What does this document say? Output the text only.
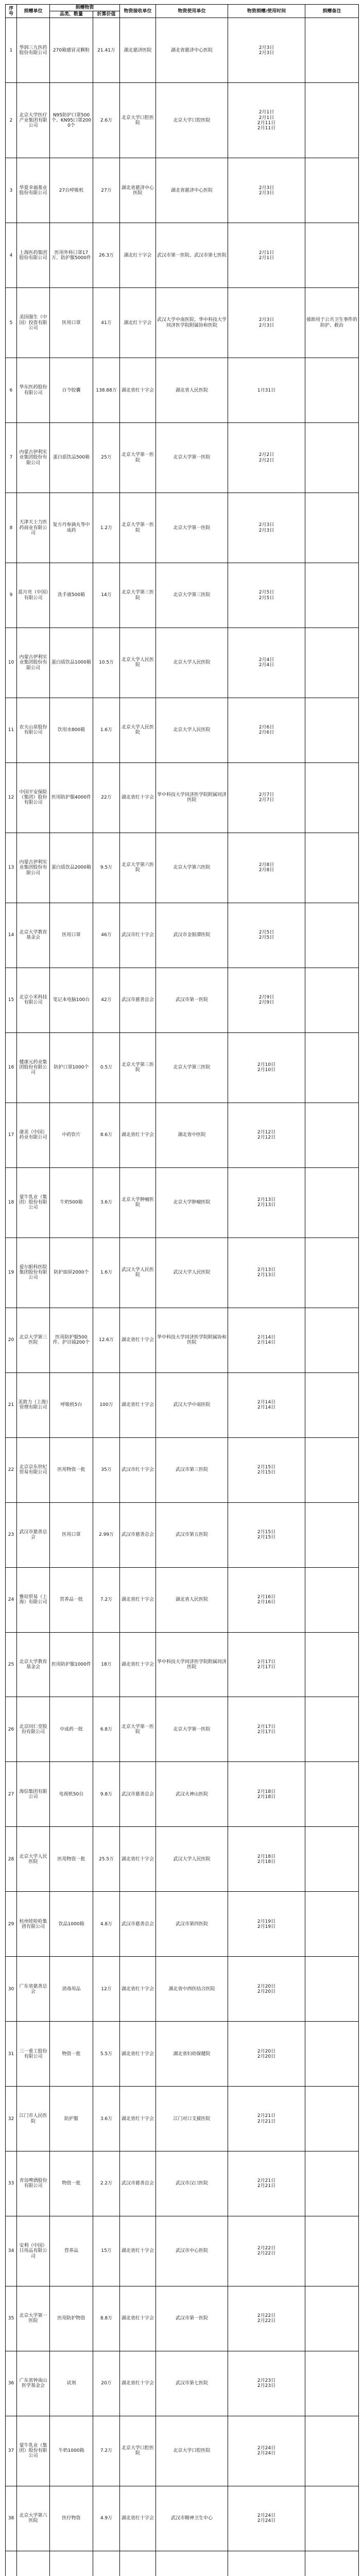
序号	捐赠单位	捐赠物资		物资接收单位	物资使用单位	物资捐赠/使用时间	捐赠备注
		品类、数量	折算价值				
1	华润三九医药股份有限公司	270箱感冒灵颗粒	21.41万	湖北慈济医院	湖北省慈济中心医院	2月3日
2月3日	
2	北京大学医疗产业集团有限公司	N95防护口罩500个、KN95口罩2000个	2.6万	北京大学口腔医院	北京大学口腔医院	2月1日
2月1日
2月11日
2月11日	
3	华夏幸福基业股份有限公司	27台呼吸机	27万	湖北省慈济中心医院	湖北省慈济中心医院	2月3日
2月3日	
4	上海医药集团股份有限公司	医用外科口罩17万、防护服5000件	26.3万	湖北红十字会	武汉市第一医院、武汉市第七医院	2月1日
2月1日	
5	美国强生（中国）投资有限公司	医用口罩	41万	湖北红十字会	武汉大学中南医院、华中科技大学同济医学院附属协和医院	2月3日
2月3日	援助用于公共卫生事件的防护、救治
6	华东医药股份有限公司	百令胶囊	138.88万	湖北省红十字会	湖北省人民医院	1月31日	
7	内蒙古伊利实业集团股份有限公司	蛋白质饮品500箱	25万	北京大学第一医院	北京大学第一医院	2月2日
2月2日	
8	天津天士力医药商业有限公司	复方丹参滴丸等中成药	1.2万	北京大学第一医院	北京大学第一医院	2月3日
2月3日	
9	蓝月亮（中国）有限公司	洗手液500箱	14万	北京大学第三医院	北京大学第三医院	2月5日
2月5日	
10	内蒙古伊利实业集团股份有限公司	蛋白质饮品1000箱	10.5万	北京大学人民医院	北京大学人民医院	2月4日
2月4日	
11	农夫山泉股份有限公司	饮用水800箱	1.6万	北京大学人民医院	北京大学人民医院	2月6日
2月6日	
12	中国平安保险（集团）股份有限公司	医用防护服4000件	22万	湖北省红十字会	华中科技大学同济医学院附属同济医院	2月7日
2月7日	
13	内蒙古伊利实业集团股份有限公司	蛋白质饮品2000箱	9.5万	北京大学第六医院	北京大学第六医院	2月8日
2月8日	
14	北京大学教育基金会	医用口罩	46万	武汉市红十字会	武汉市金银潭医院	2月5日
2月5日	
15	北京小米科技有限公司	笔记本电脑100台	42万	武汉市慈善总会	武汉市第一医院	2月9日
2月9日	
16	健康元药业集团股份有限公司	防护口罩1000个	0.5万	北京大学第三医院	北京大学第三医院	2月10日
2月10日	
17	康美（中国）药业有限公司	中药饮片	8.6万	湖北省红十字会	湖北省中医院	2月12日
2月12日	
18	蒙牛乳业（集团）股份有限公司	牛奶500箱	3.6万	北京大学肿瘤医院	北京大学肿瘤医院	2月13日
2月13日	
19	爱尔眼科医院集团股份有限公司	防护面屏2000个	1.6万	武汉大学人民医院	武汉大学人民医院	2月13日
2月13日	
20	北京大学第三医院	医用防护服500件、护目镜200个	12.6万	湖北省红十字会	华中科技大学同济医学院附属协和医院	2月14日
2月14日	
21	美敦力（上海）管理有限公司	呼吸机5台	100万	湖北省红十字会	武汉大学中南医院	2月14日
2月14日	
22	北京京东世纪贸易有限公司	医用物资一批	35万	武汉市红十字会	武汉市第三医院	2月15日
2月15日	
23	武汉市慈善总会	医用口罩	2.99万	武汉市慈善总会	武汉市第五医院	2月15日
2月15日	
24	雅培贸易（上海）有限公司	营养品一批	7.2万	湖北省红十字会	湖北省人民医院	2月16日
2月16日	
25	北京大学教育基金会	医用防护服1000件	18万	湖北省红十字会	华中科技大学同济医学院附属同济医院	2月17日
2月17日	
26	北京同仁堂股份有限公司	中成药一批	6.8万	北京大学第一医院	北京大学第一医院	2月17日
2月17日	
27	海信集团有限公司	电视机50台	9.8万	武汉市慈善总会	武汉火神山医院	2月18日
2月18日	
28	北京大学人民医院	医用物资一批	25.5万	湖北省红十字会	武汉大学人民医院	2月18日
2月18日	
29	杭州娃哈哈集团有限公司	饮品1000箱	4.8万	武汉市慈善总会	武汉市第四医院	2月19日
2月19日	
30	广东省慈善总会	消毒用品	12万	湖北省红十字会	湖北省中西医结合医院	2月20日
2月20日	
31	三一重工股份有限公司	物资一批	5.5万	湖北省红十字会	湖北省妇幼保健院	2月20日
2月20日	
32	江门市人民医院	防护服	3.6万	湖北省红十字会	江门对口支援医院	2月21日
2月21日	
33	青岛啤酒股份有限公司	物资一批	2.2万	武汉市慈善总会	武汉市汉口医院	2月21日
2月21日	
34	安利（中国）日用品有限公司	营养品	15万	湖北省红十字会	武汉市中心医院	2月22日
2月22日	
35	北京大学第一医院	医用防护物资	8.8万	湖北省红十字会	武汉市第一医院	2月22日
2月22日	
36	广东省钟南山医学基金会	试剂	20万	湖北省红十字会	武汉市第七医院	2月23日
2月23日	
37	蒙牛乳业（集团）股份有限公司	牛奶1000箱	7.2万	北京大学口腔医院	北京大学口腔医院	2月24日
2月24日	
38	北京大学第六医院	医疗物资	4.9万	湖北省红十字会	武汉市精神卫生中心	2月24日
2月24日	
